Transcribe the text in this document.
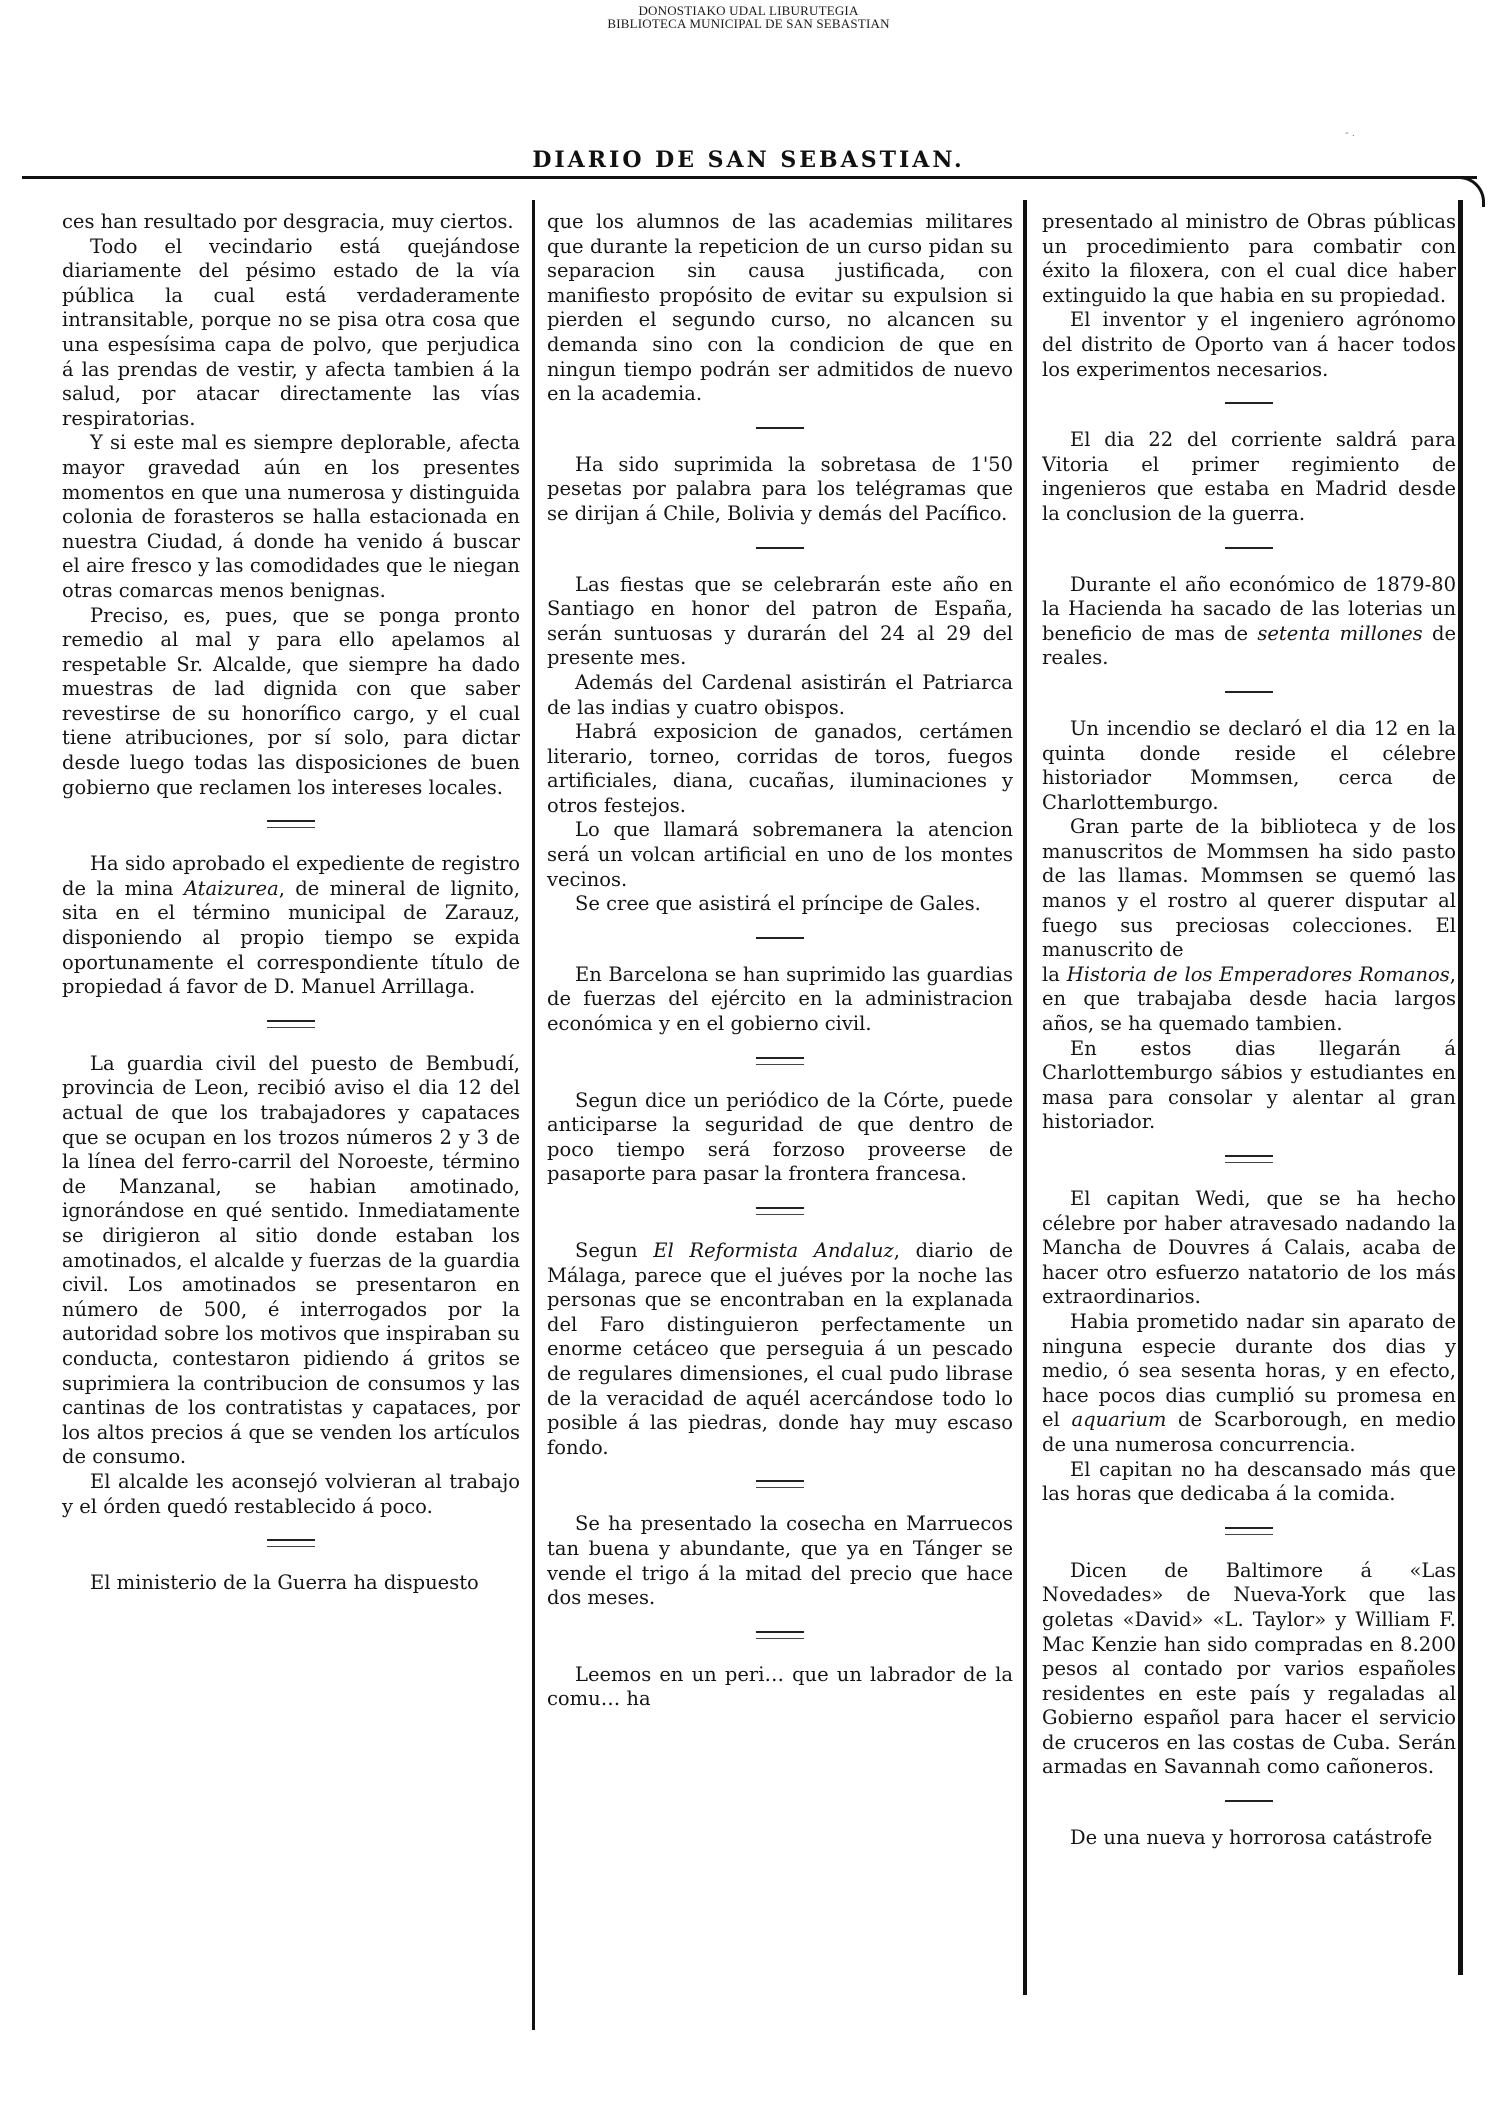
DONOSTIAKO UDAL LIBURUTEGIA
BIBLIOTECA MUNICIPAL DE SAN SEBASTIAN
- .
DIARIO DE SAN SEBASTIAN.

ces han resultado por desgracia, muy ciertos.

Todo el vecindario está quejándose diariamente del pésimo estado de la vía pública la cual está verdaderamente intransitable, porque no se pisa otra cosa que una espesísima capa de polvo, que perjudica á las prendas de vestir, y afecta tambien á la salud, por atacar directamente las vías respiratorias.

Y si este mal es siempre deplorable, afecta mayor gravedad aún en los presentes momentos en que una numerosa y distinguida colonia de forasteros se halla estacionada en nuestra Ciudad, á donde ha venido á buscar el aire fresco y las comodidades que le niegan otras comarcas menos benignas.

Preciso, es, pues, que se ponga pronto remedio al mal y para ello apelamos al respetable Sr. Alcalde, que siempre ha dado muestras de lad dignida con que saber revestirse de su honorífico cargo, y el cual tiene atribuciones, por sí solo, para dictar desde luego todas las disposiciones de buen gobierno que reclamen los intereses locales.

Ha sido aprobado el expediente de registro de la mina Ataizurea, de mineral de lignito, sita en el término municipal de Zarauz, disponiendo al propio tiempo se expida oportunamente el correspondiente título de propiedad á favor de D. Manuel Arrillaga.

La guardia civil del puesto de Bembudí, provincia de Leon, recibió aviso el dia 12 del actual de que los trabajadores y capataces que se ocupan en los trozos números 2 y 3 de la línea del ferro-carril del Noroeste, término de Manzanal, se habian amotinado, ignorándose en qué sentido. Inmediatamente se dirigieron al sitio donde estaban los amotinados, el alcalde y fuerzas de la guardia civil. Los amotinados se presentaron en número de 500, é interrogados por la autoridad sobre los motivos que inspiraban su conducta, contestaron pidiendo á gritos se suprimiera la contribucion de consumos y las cantinas de los contratistas y capataces, por los altos precios á que se venden los artículos de consumo.

El alcalde les aconsejó volvieran al trabajo y el órden quedó restablecido á poco.

El ministerio de la Guerra ha dispuesto

que los alumnos de las academias militares que durante la repeticion de un curso pidan su separacion sin causa justificada, con manifiesto propósito de evitar su expulsion si pierden el segundo curso, no alcancen su demanda sino con la condicion de que en ningun tiempo podrán ser admitidos de nuevo en la academia.

Ha sido suprimida la sobretasa de 1'50 pesetas por palabra para los telégramas que se dirijan á Chile, Bolivia y demás del Pacífico.

Las fiestas que se celebrarán este año en Santiago en honor del patron de España, serán suntuosas y durarán del 24 al 29 del presente mes.

Además del Cardenal asistirán el Patriarca de las indias y cuatro obispos.

Habrá exposicion de ganados, certámen literario, torneo, corridas de toros, fuegos artificiales, diana, cucañas, iluminaciones y otros festejos.

Lo que llamará sobremanera la atencion será un volcan artificial en uno de los montes vecinos.

Se cree que asistirá el príncipe de Gales.

En Barcelona se han suprimido las guardias de fuerzas del ejército en la administracion económica y en el gobierno civil.

Segun dice un periódico de la Córte, puede anticiparse la seguridad de que dentro de poco tiempo será forzoso proveerse de pasaporte para pasar la frontera francesa.

Segun El Reformista Andaluz, diario de Málaga, parece que el juéves por la noche las personas que se encontraban en la explanada del Faro distinguieron perfectamente un enorme cetáceo que perseguia á un pescado de regulares dimensiones, el cual pudo librase de la veracidad de aquél acercándose todo lo posible á las piedras, donde hay muy escaso fondo.

Se ha presentado la cosecha en Marruecos tan buena y abundante, que ya en Tánger se vende el trigo á la mitad del precio que hace dos meses.

Leemos en un peri… que un labrador de la comu… ha

presentado al ministro de Obras públicas un procedimiento para combatir con éxito la filoxera, con el cual dice haber extinguido la que habia en su propiedad.

El inventor y el ingeniero agrónomo del distrito de Oporto van á hacer todos los experimentos necesarios.

El dia 22 del corriente saldrá para Vitoria el primer regimiento de ingenieros que estaba en Madrid desde la conclusion de la guerra.

Durante el año económico de 1879-80 la Hacienda ha sacado de las loterias un beneficio de mas de setenta millones de reales.

Un incendio se declaró el dia 12 en la quinta donde reside el célebre historiador Mommsen, cerca de Charlottemburgo.

Gran parte de la biblioteca y de los manuscritos de Mommsen ha sido pasto de las llamas. Mommsen se quemó las manos y el rostro al querer disputar al fuego sus preciosas colecciones. El manuscrito de

la Historia de los Emperadores Romanos, en que trabajaba desde hacia largos años, se ha quemado tambien.

En estos dias llegarán á Charlottemburgo sábios y estudiantes en masa para consolar y alentar al gran historiador.

El capitan Wedi, que se ha hecho célebre por haber atravesado nadando la Mancha de Douvres á Calais, acaba de hacer otro esfuerzo natatorio de los más extraordinarios.

Habia prometido nadar sin aparato de ninguna especie durante dos dias y medio, ó sea sesenta horas, y en efecto, hace pocos dias cumplió su promesa en el aquarium de Scarborough, en medio de una numerosa concurrencia.

El capitan no ha descansado más que las horas que dedicaba á la comida.

Dicen de Baltimore á «Las Novedades» de Nueva-York que las goletas «David» «L. Taylor» y William F. Mac Kenzie han sido compradas en 8.200 pesos al contado por varios españoles residentes en este país y regaladas al Gobierno español para hacer el servicio de cruceros en las costas de Cuba. Serán armadas en Savannah como cañoneros.

De una nueva y horrorosa catástrofe
